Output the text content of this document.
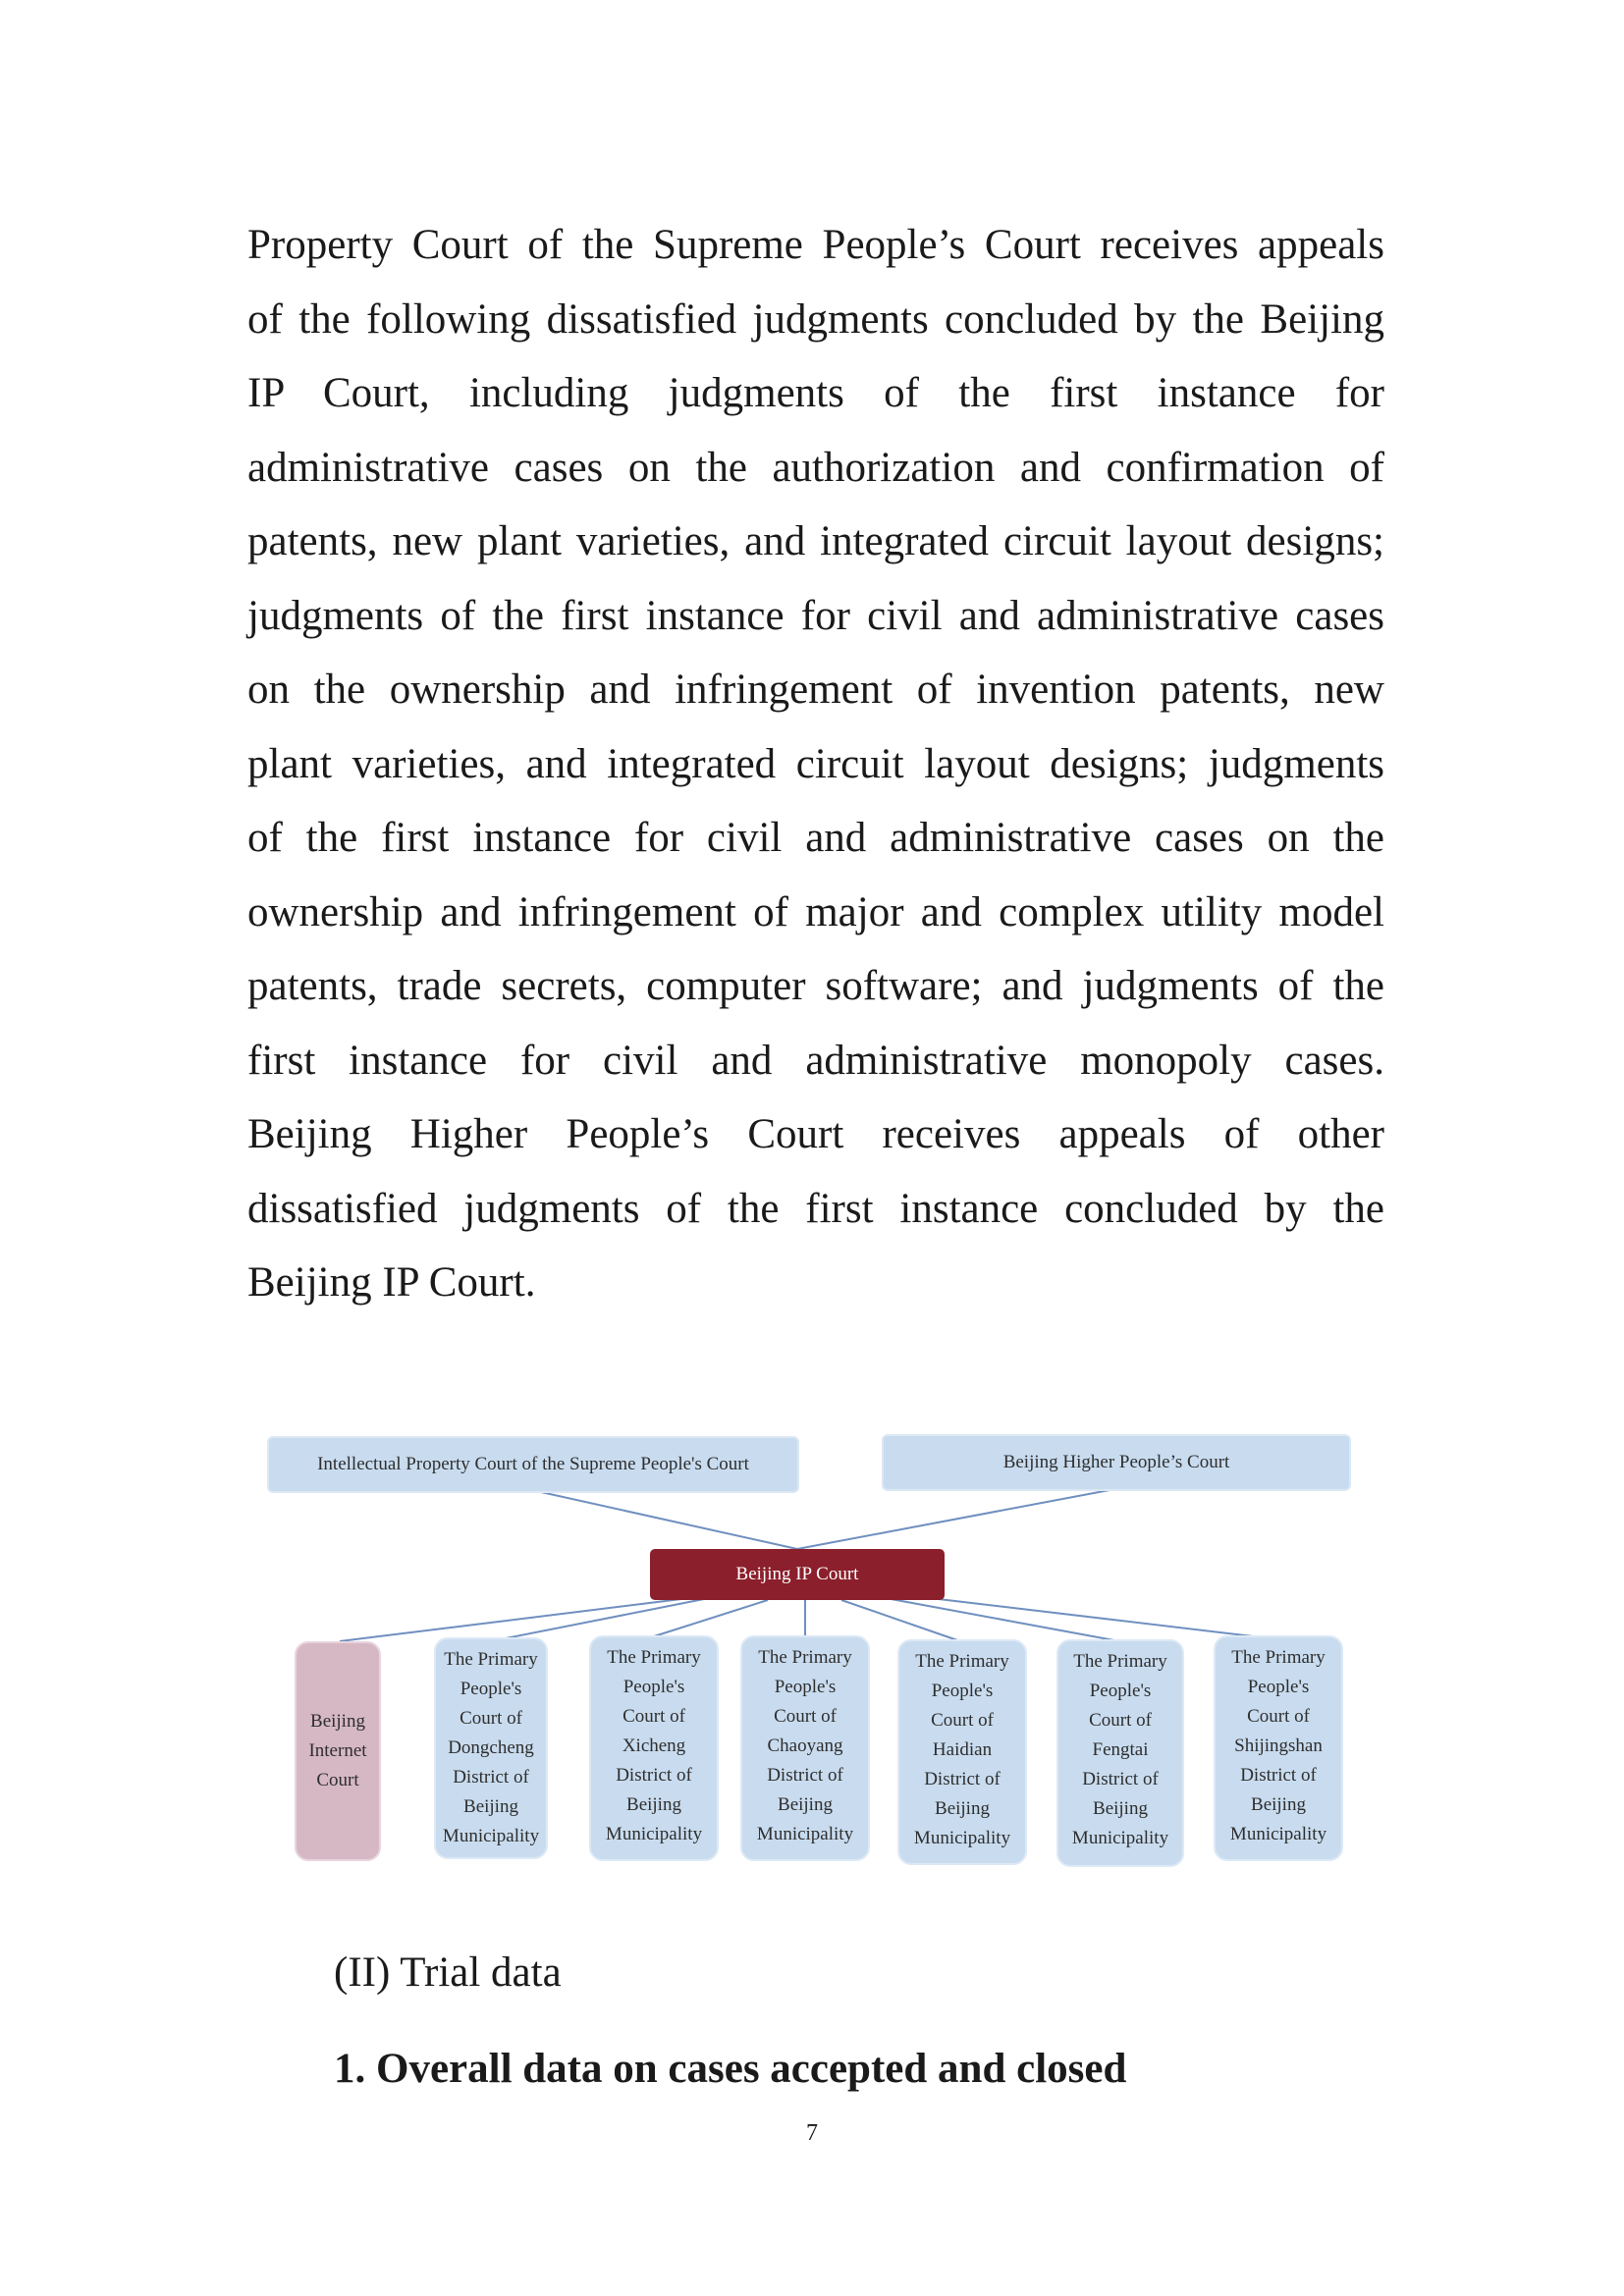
Property Court of the Supreme People’s Court receives appeals
of the following dissatisfied judgments concluded by the Beijing
IP Court, including judgments of the first instance for
administrative cases on the authorization and confirmation of
patents, new plant varieties, and integrated circuit layout designs;
judgments of the first instance for civil and administrative cases
on the ownership and infringement of invention patents, new
plant varieties, and integrated circuit layout designs; judgments
of the first instance for civil and administrative cases on the
ownership and infringement of major and complex utility model
patents, trade secrets, computer software; and judgments of the
first instance for civil and administrative monopoly cases.
Beijing Higher People’s Court receives appeals of other
dissatisfied judgments of the first instance concluded by the
Beijing IP Court.
Intellectual Property Court of the Supreme People's Court	Beijing Higher People’s Court
Beijing IP Court
Beijing
Internet
Court
The Primary
People's
Court of
Dongcheng
District of
Beijing
Municipality
The Primary
People's
Court of
Xicheng
District of
Beijing
Municipality
The Primary
People's
Court of
Chaoyang
District of
Beijing
Municipality
The Primary
People's
Court of
Haidian
District of
Beijing
Municipality
The Primary
People's
Court of
Fengtai
District of
Beijing
Municipality
The Primary
People's
Court of
Shijingshan
District of
Beijing
Municipality
(II) Trial data
1. Overall data on cases accepted and closed
7
